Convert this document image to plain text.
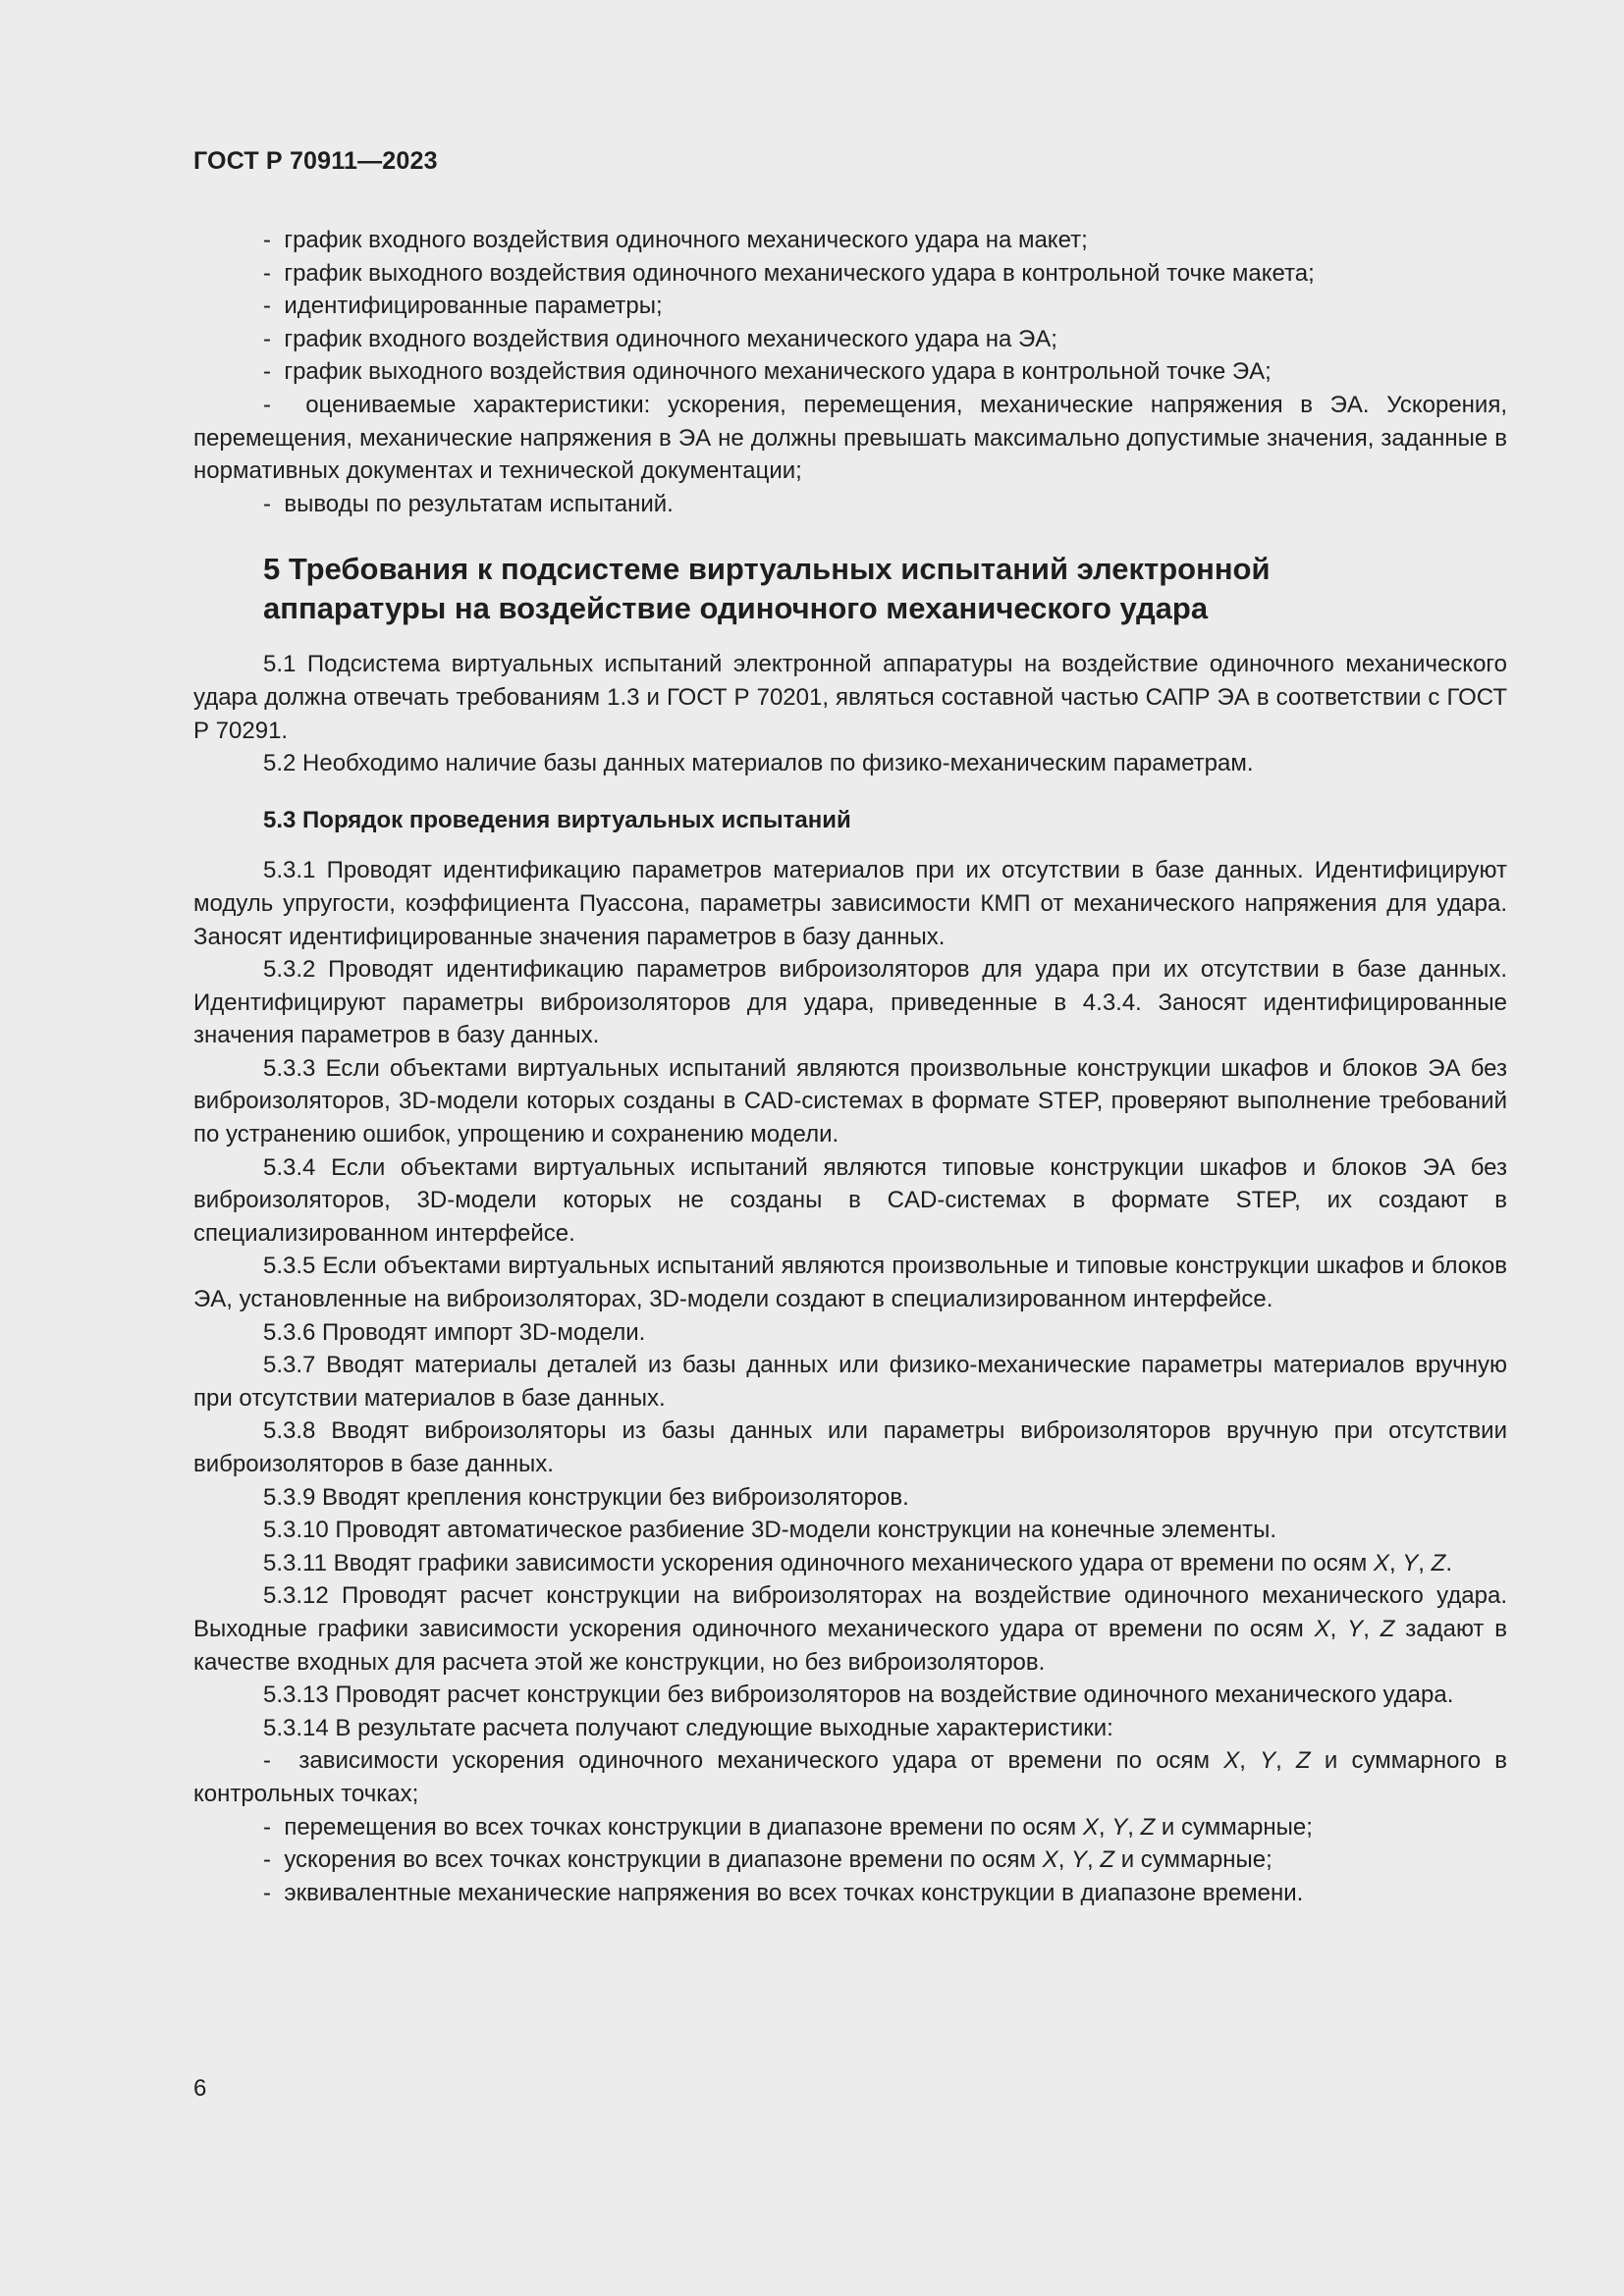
ГОСТ Р 70911—2023

-  график входного воздействия одиночного механического удара на макет;

-  график выходного воздействия одиночного механического удара в контрольной точке макета;

-  идентифицированные параметры;

-  график входного воздействия одиночного механического удара на ЭА;

-  график выходного воздействия одиночного механического удара в контрольной точке ЭА;

-  оцениваемые характеристики: ускорения, перемещения, механические напряжения в ЭА. Ускорения, перемещения, механические напряжения в ЭА не должны превышать максимально допустимые значения, заданные в нормативных документах и технической документации;

-  выводы по результатам испытаний.

5 Требования к подсистеме виртуальных испытаний электронной аппаратуры на воздействие одиночного механического удара

5.1 Подсистема виртуальных испытаний электронной аппаратуры на воздействие одиночного механического удара должна отвечать требованиям 1.3 и ГОСТ Р 70201, являться составной частью САПР ЭА в соответствии с ГОСТ Р 70291.

5.2 Необходимо наличие базы данных материалов по физико-механическим параметрам.

5.3 Порядок проведения виртуальных испытаний

5.3.1 Проводят идентификацию параметров материалов при их отсутствии в базе данных. Идентифицируют модуль упругости, коэффициента Пуассона, параметры зависимости КМП от механического напряжения для удара. Заносят идентифицированные значения параметров в базу данных.

5.3.2 Проводят идентификацию параметров виброизоляторов для удара при их отсутствии в базе данных. Идентифицируют параметры виброизоляторов для удара, приведенные в 4.3.4. Заносят идентифицированные значения параметров в базу данных.

5.3.3 Если объектами виртуальных испытаний являются произвольные конструкции шкафов и блоков ЭА без виброизоляторов, 3D-модели которых созданы в CAD-системах в формате STEP, проверяют выполнение требований по устранению ошибок, упрощению и сохранению модели.

5.3.4 Если объектами виртуальных испытаний являются типовые конструкции шкафов и блоков ЭА без виброизоляторов, 3D-модели которых не созданы в CAD-системах в формате STEP, их создают в специализированном интерфейсе.

5.3.5 Если объектами виртуальных испытаний являются произвольные и типовые конструкции шкафов и блоков ЭА, установленные на виброизоляторах, 3D-модели создают в специализированном интерфейсе.

5.3.6 Проводят импорт 3D-модели.

5.3.7 Вводят материалы деталей из базы данных или физико-механические параметры материалов вручную при отсутствии материалов в базе данных.

5.3.8 Вводят виброизоляторы из базы данных или параметры виброизоляторов вручную при отсутствии виброизоляторов в базе данных.

5.3.9 Вводят крепления конструкции без виброизоляторов.

5.3.10 Проводят автоматическое разбиение 3D-модели конструкции на конечные элементы.

5.3.11 Вводят графики зависимости ускорения одиночного механического удара от времени по осям X, Y, Z.

5.3.12 Проводят расчет конструкции на виброизоляторах на воздействие одиночного механического удара. Выходные графики зависимости ускорения одиночного механического удара от времени по осям X, Y, Z задают в качестве входных для расчета этой же конструкции, но без виброизоляторов.

5.3.13 Проводят расчет конструкции без виброизоляторов на воздействие одиночного механического удара.

5.3.14 В результате расчета получают следующие выходные характеристики:

-  зависимости ускорения одиночного механического удара от времени по осям X, Y, Z и суммарного в контрольных точках;

-  перемещения во всех точках конструкции в диапазоне времени по осям X, Y, Z и суммарные;

-  ускорения во всех точках конструкции в диапазоне времени по осям X, Y, Z и суммарные;

-  эквивалентные механические напряжения во всех точках конструкции в диапазоне времени.

6
